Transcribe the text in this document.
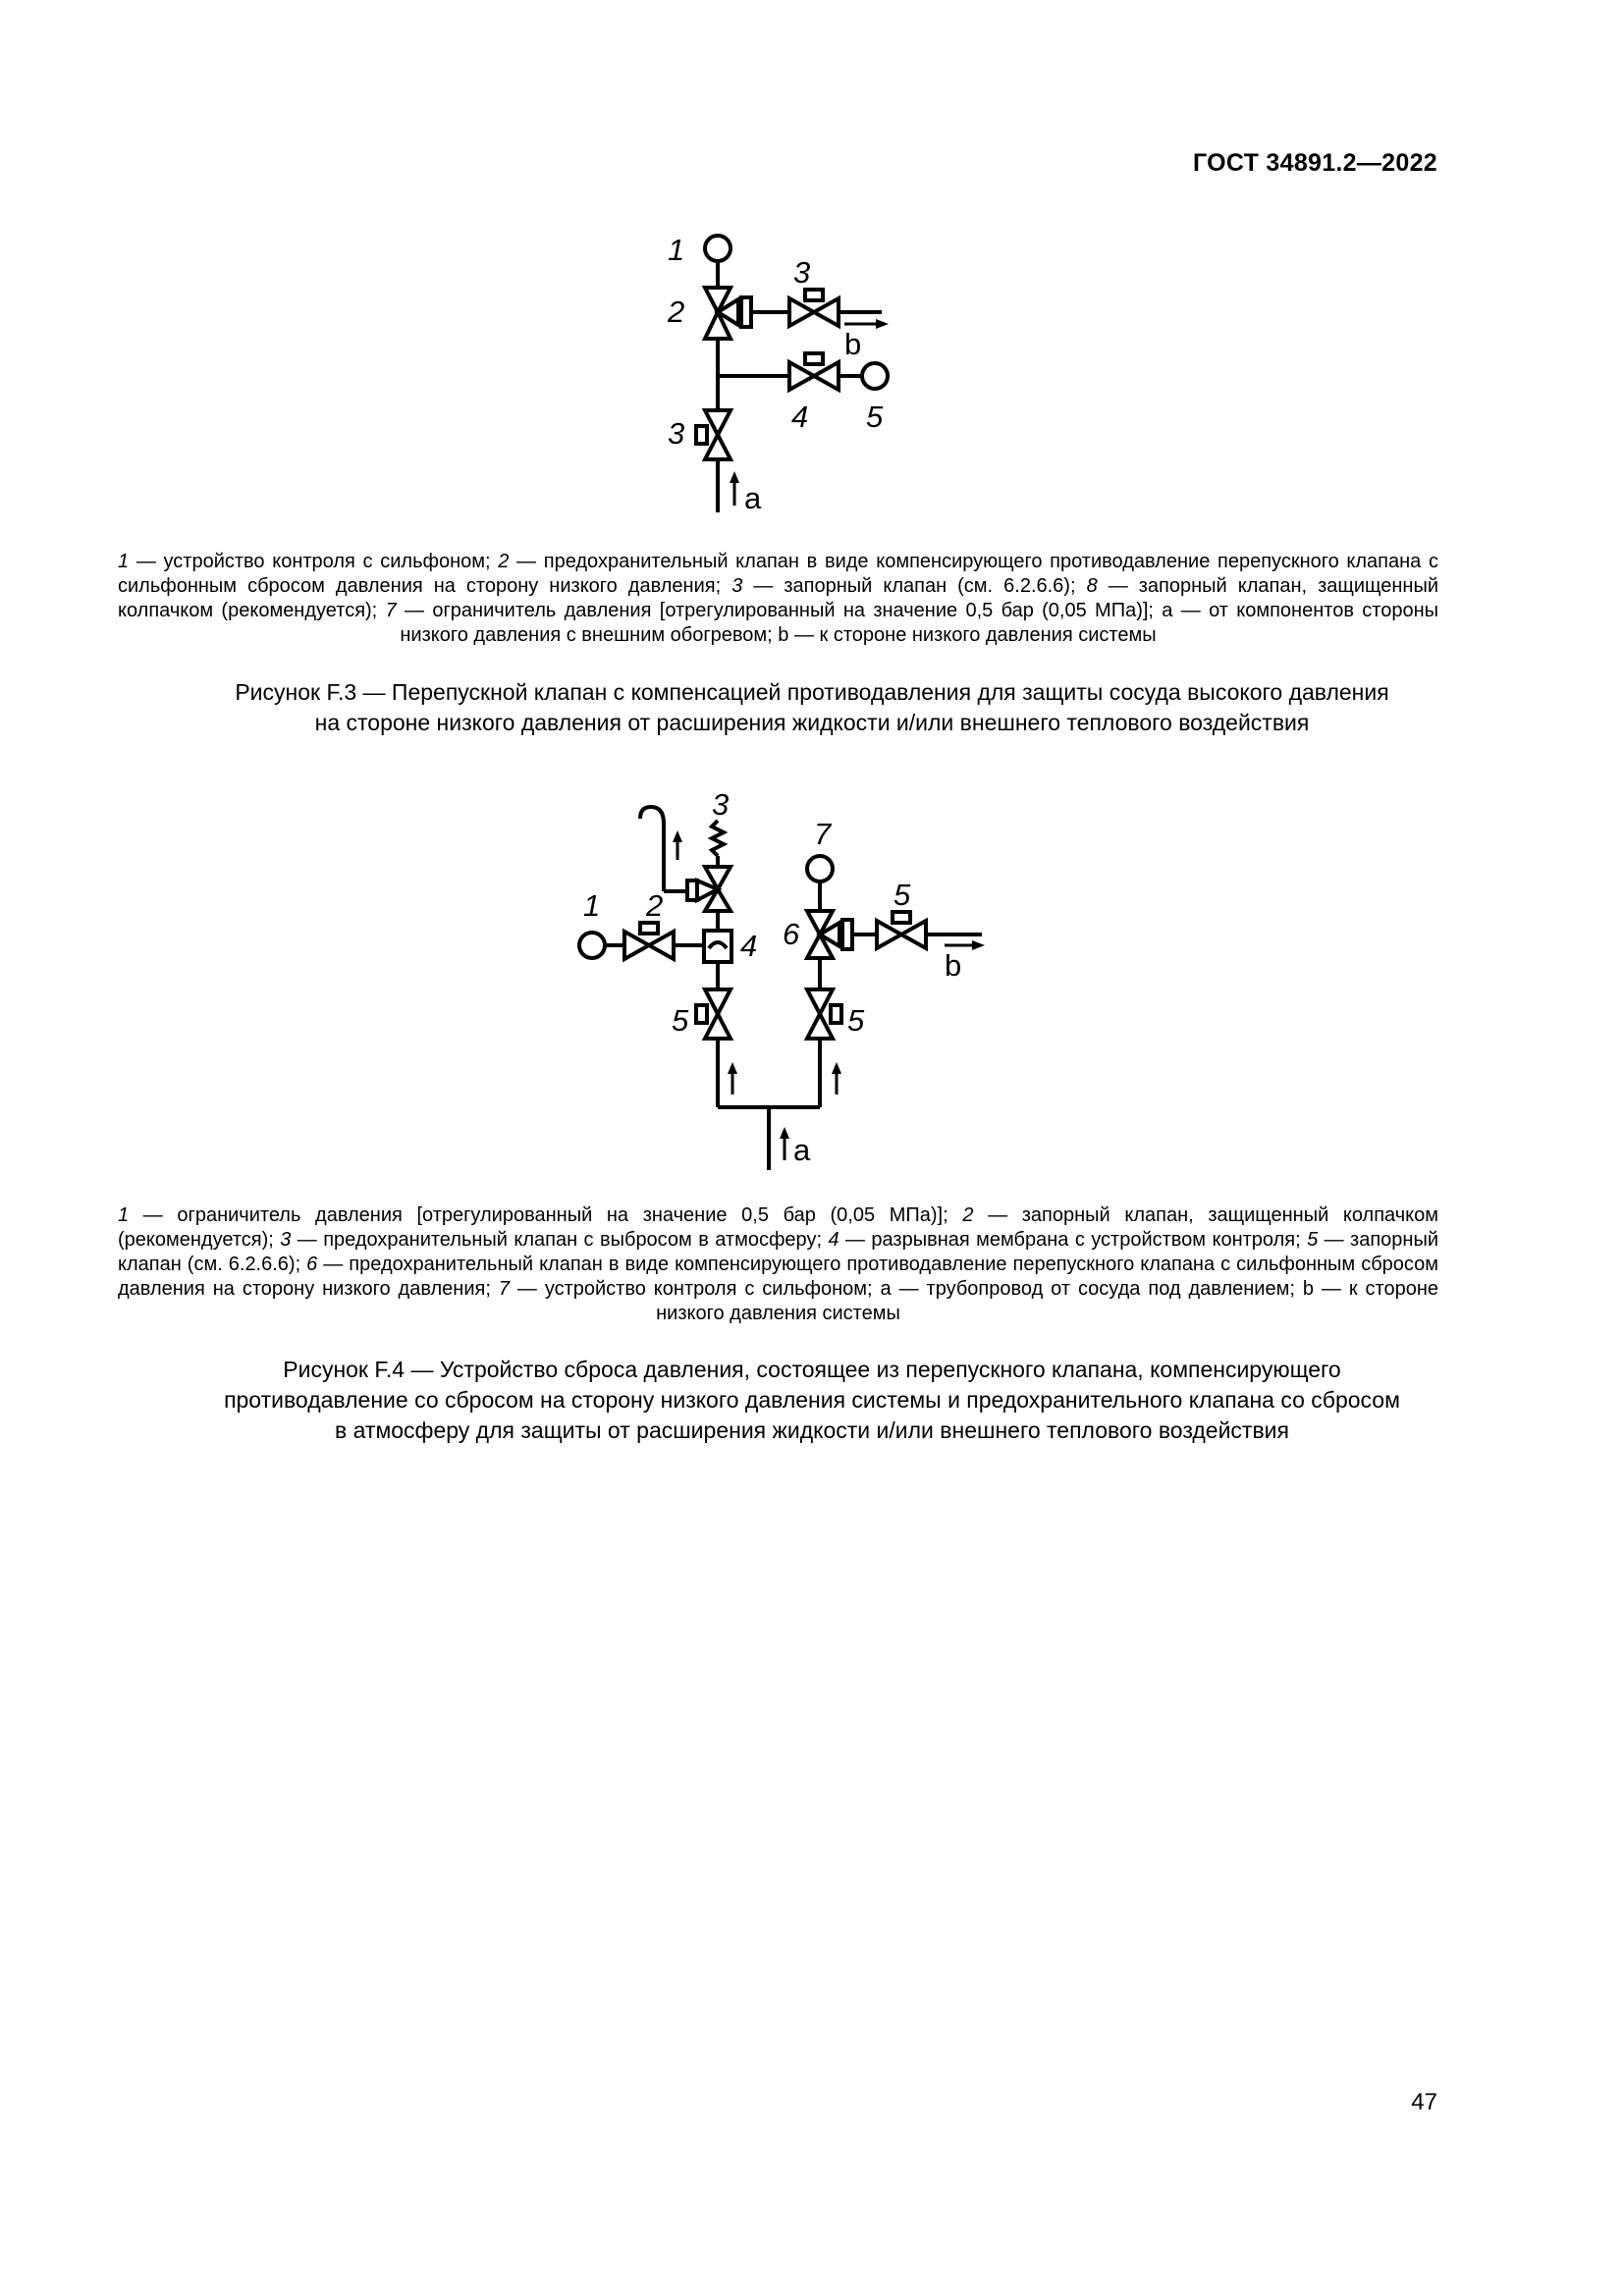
ГОСТ 34891.2—2022
1
2
3
b
4 5
3
a
1 — устройство контроля с сильфоном; 2 — предохранительный клапан в виде компенсирующего противодавление перепускного клапана с сильфонным сбросом давления на сторону низкого давления; 3 — запорный клапан (см. 6.2.6.6); 8 — запорный клапан, защищенный колпачком (рекомендуется); 7 — ограничитель давления [отрегулированный на значение 0,5 бар (0,05 МПа)]; а — от компонентов стороны низкого давления с внешним обогревом; b — к стороне низкого давления системы
Рисунок F.3 — Перепускной клапан с компенсацией противодавления для защиты сосуда высокого давления
на стороне низкого давления от расширения жидкости и/или внешнего теплового воздействия
3
7
1 2
4 6
5
b
5	5
a
1 — ограничитель давления [отрегулированный на значение 0,5 бар (0,05 МПа)]; 2 — запорный клапан, защищенный колпачком (рекомендуется); 3 — предохранительный клапан с выбросом в атмосферу; 4 — разрывная мембрана с устройством контроля; 5 — запорный клапан (см. 6.2.6.6); 6 — предохранительный клапан в виде компенсирующего противодавление перепускного клапана с сильфонным сбросом давления на сторону низкого давления; 7 — устройство контроля с сильфоном; а — трубопровод от сосуда под давлением; b — к стороне низкого давления системы
Рисунок F.4 — Устройство сброса давления, состоящее из перепускного клапана, компенсирующего
противодавление со сбросом на сторону низкого давления системы и предохранительного клапана со сбросом
в атмосферу для защиты от расширения жидкости и/или внешнего теплового воздействия
47
